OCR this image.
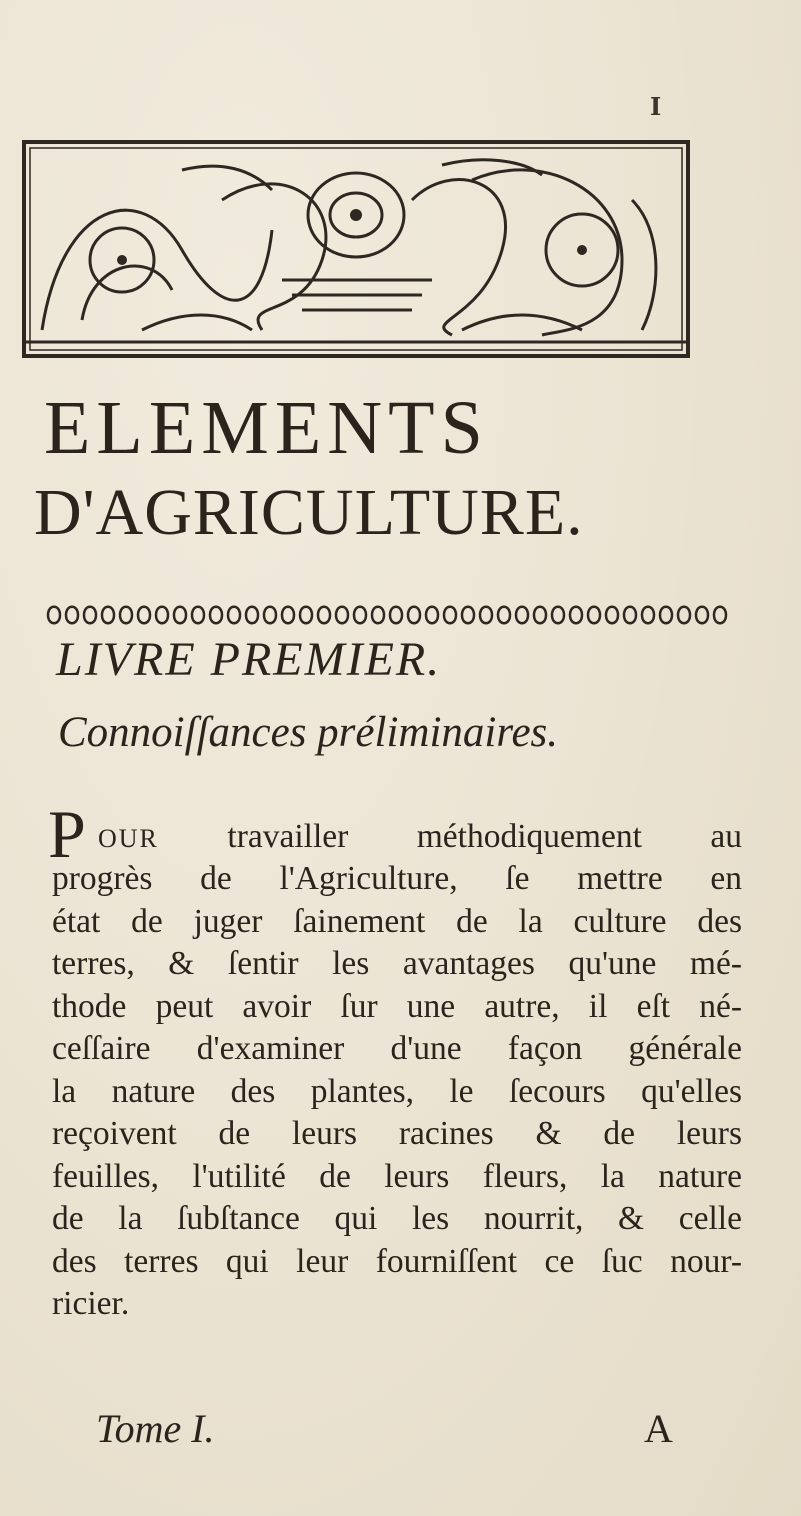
I
ELEMENTS
D'AGRICULTURE.
LIVRE PREMIER.
Connoiſſances préliminaires.
P OUR travailler méthodiquement au
progrès de l'Agriculture, ſe mettre en
état de juger ſainement de la culture des
terres, & ſentir les avantages qu'une mé-
thode peut avoir ſur une autre, il eſt né-
ceſſaire d'examiner d'une façon générale
la nature des plantes, le ſecours qu'elles
reçoivent de leurs racines & de leurs
feuilles, l'utilité de leurs fleurs, la nature
de la ſubſtance qui les nourrit, & celle
des terres qui leur fourniſſent ce ſuc nour-
ricier.
Tome I.	A
